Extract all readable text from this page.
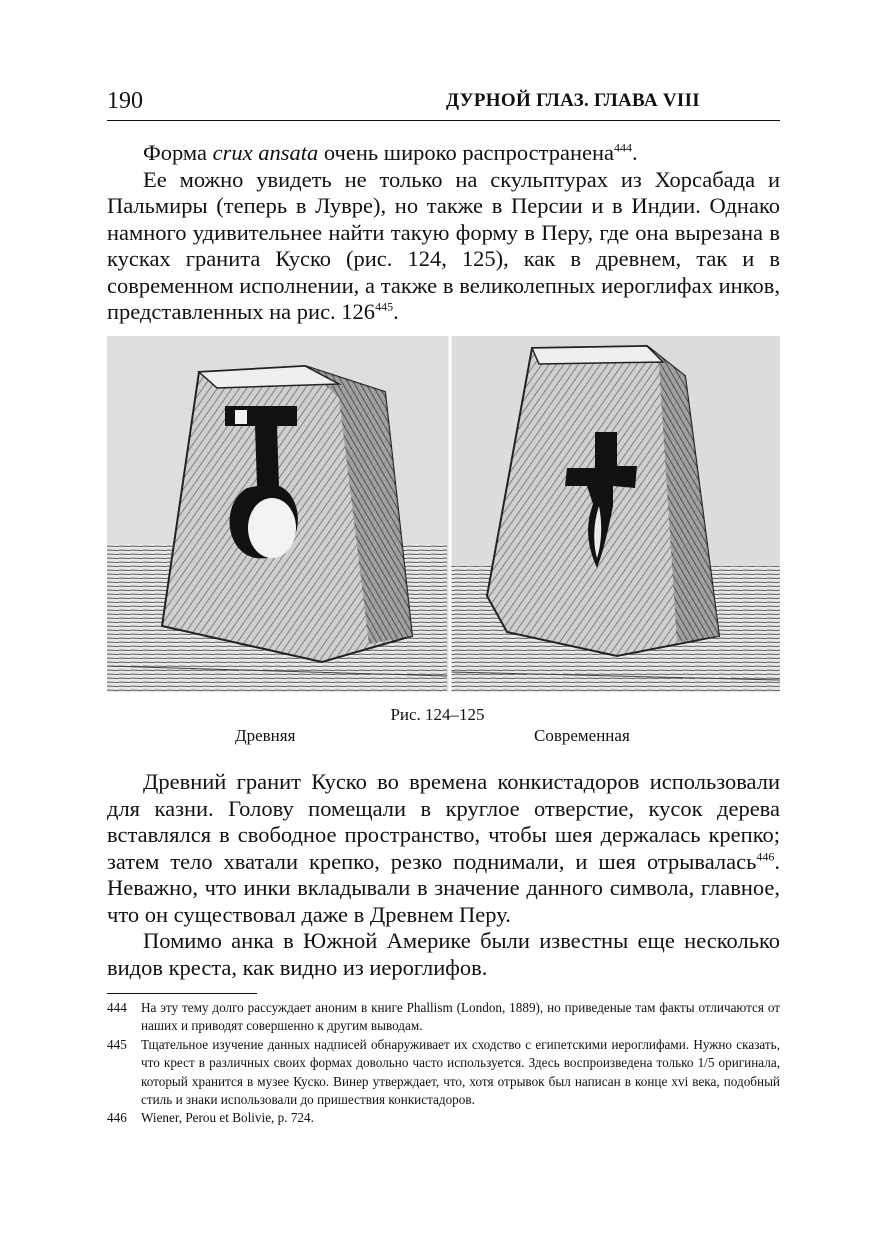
190	ДУРНОЙ ГЛАЗ. ГЛАВА VIII

Форма crux ansata очень широко распространена$^{444}$.

Ее можно увидеть не только на скульптурах из Хорсабада и Пальмиры (теперь в Лувре), но также в Персии и в Индии. Однако намного удивительнее найти такую форму в Перу, где она вырезана в кусках гранита Куско (рис. 124, 125), как в древнем, так и в современном исполнении, а также в великолепных иероглифах инков, представленных на рис. $126^{445}$.

Рис. 124–125
Древняя	Современная

Древний гранит Куско во времена конкистадоров использовали для казни. Голову помещали в круглое отверстие, кусок дерева вставлялся в свободное пространство, чтобы шея держалась крепко; затем тело хватали крепко, резко поднимали, и шея отрывалась$^{446}$. Неважно, что инки вкладывали в значение данного символа, главное, что он существовал даже в Древнем Перу.

Помимо анка в Южной Америке были известны еще несколько видов креста, как видно из иероглифов.

444	На эту тему долго рассуждает аноним в книге Phallism (London, 1889), но приведеные там факты отличаются от наших и приводят совершенно к другим выводам.
445	Тщательное изучение данных надписей обнаруживает их сходство с египетскими иероглифами. Нужно сказать, что крест в различных своих формах довольно часто используется. Здесь воспроизведена только 1/5 оригинала, который хранится в музее Куско. Винер утверждает, что, хотя отрывок был написан в конце xvi века, подобный стиль и знаки использовали до пришествия конкистадоров.
446	Wiener, Perou et Bolivie, p. 724.
